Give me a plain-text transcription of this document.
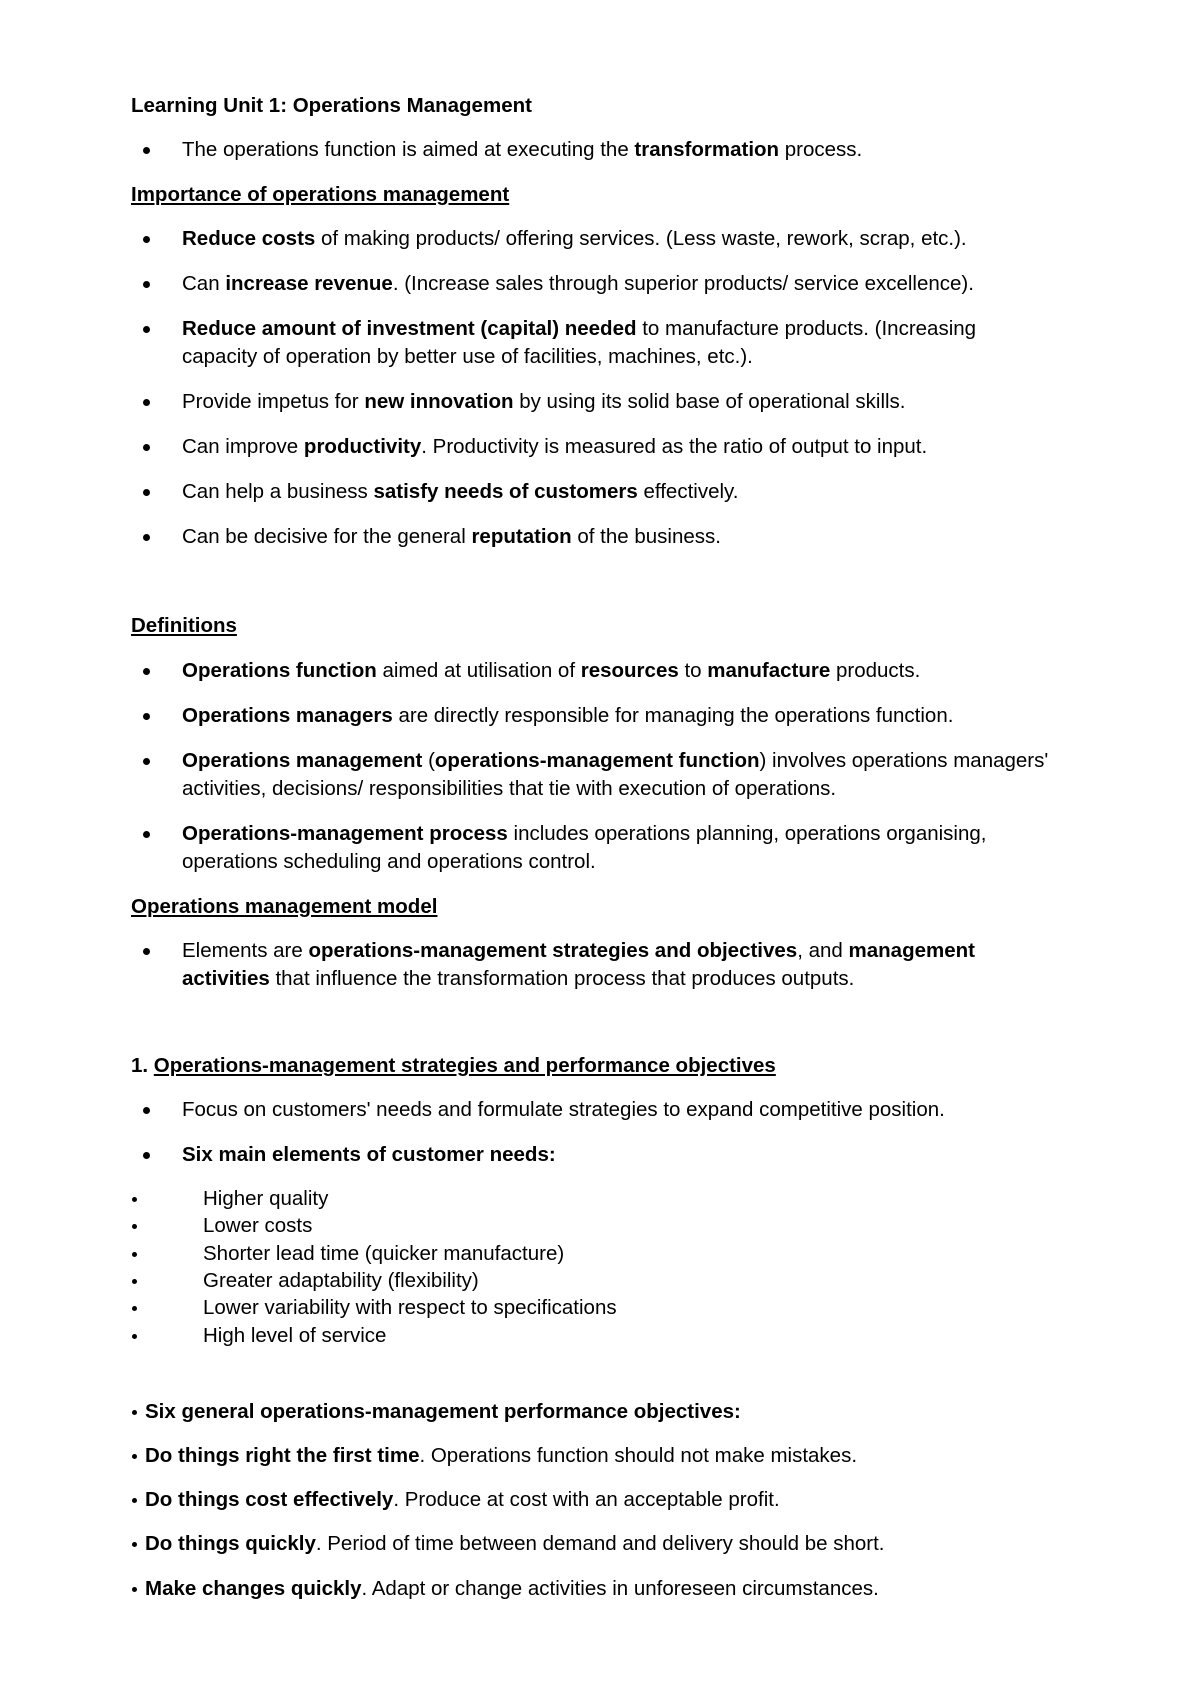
Learning Unit 1: Operations Management

The operations function is aimed at executing the transformation process.

Importance of operations management

Reduce costs of making products/ offering services. (Less waste, rework, scrap, etc.).

Can increase revenue. (Increase sales through superior products/ service excellence).

Reduce amount of investment (capital) needed to manufacture products. (Increasing

capacity of operation by better use of facilities, machines, etc.).

Provide impetus for new innovation by using its solid base of operational skills.

Can improve productivity. Productivity is measured as the ratio of output to input.

Can help a business satisfy needs of customers effectively.

Can be decisive for the general reputation of the business.

Definitions

Operations function aimed at utilisation of resources to manufacture products.

Operations managers are directly responsible for managing the operations function.

Operations management (operations-management function) involves operations managers'

activities, decisions/ responsibilities that tie with execution of operations.

Operations-management process includes operations planning, operations organising,

operations scheduling and operations control.

Operations management model

Elements are operations-management strategies and objectives, and management

activities that influence the transformation process that produces outputs.

1. Operations-management strategies and performance objectives

Focus on customers' needs and formulate strategies to expand competitive position.

Six main elements of customer needs:

Higher quality

Lower costs

Shorter lead time (quicker manufacture)

Greater adaptability (flexibility)

Lower variability with respect to specifications

High level of service

Six general operations-management performance objectives:

Do things right the first time. Operations function should not make mistakes.

Do things cost effectively. Produce at cost with an acceptable profit.

Do things quickly. Period of time between demand and delivery should be short.

Make changes quickly. Adapt or change activities in unforeseen circumstances.
